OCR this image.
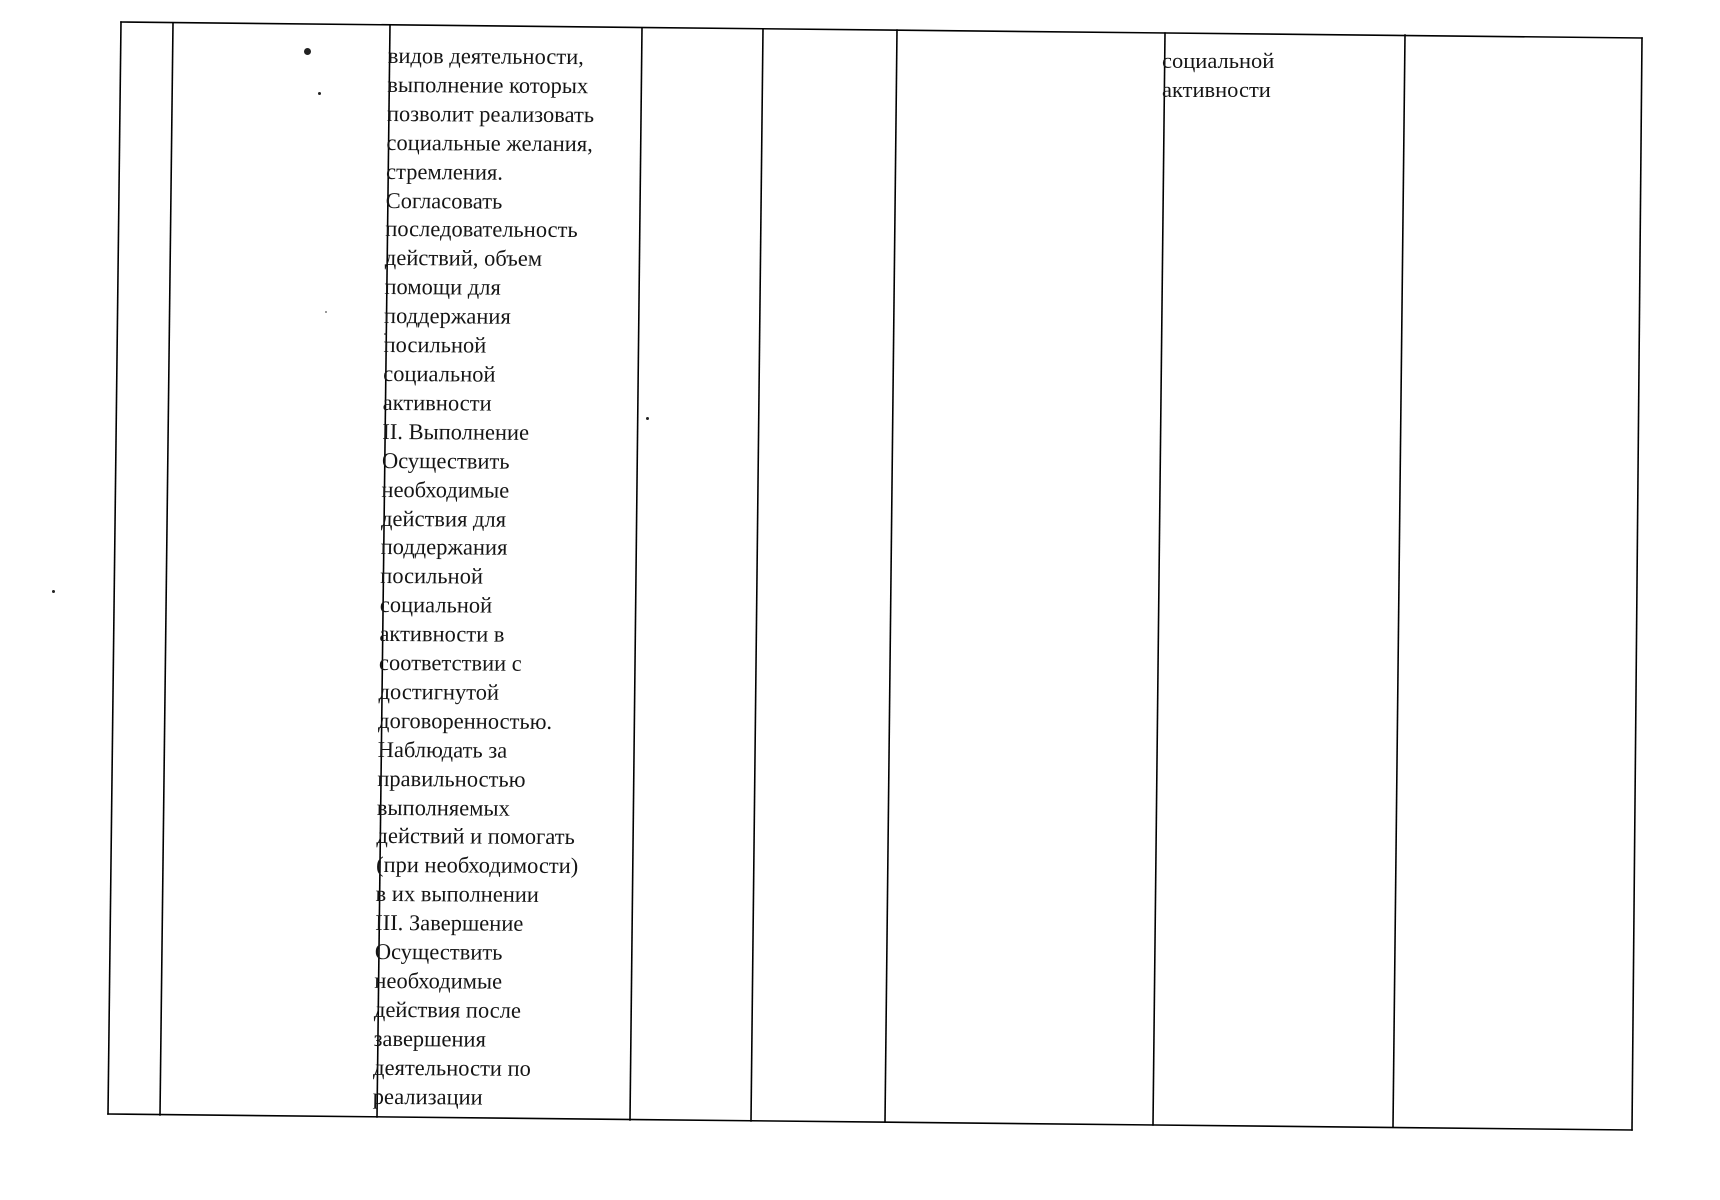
видов деятельности,
выполнение которых
позволит реализовать
социальные желания,
стремления.
Согласовать
последовательность
действий, объем
помощи для
поддержания
посильной
социальной
активности
II. Выполнение
Осуществить
необходимые
действия для
поддержания
посильной
социальной
активности в
соответствии с
достигнутой
договоренностью.
Наблюдать за
правильностью
выполняемых
действий и помогать
(при необходимости)
в их выполнении
III. Завершение
Осуществить
необходимые
действия после
завершения
деятельности по
реализации
социальной
активности
